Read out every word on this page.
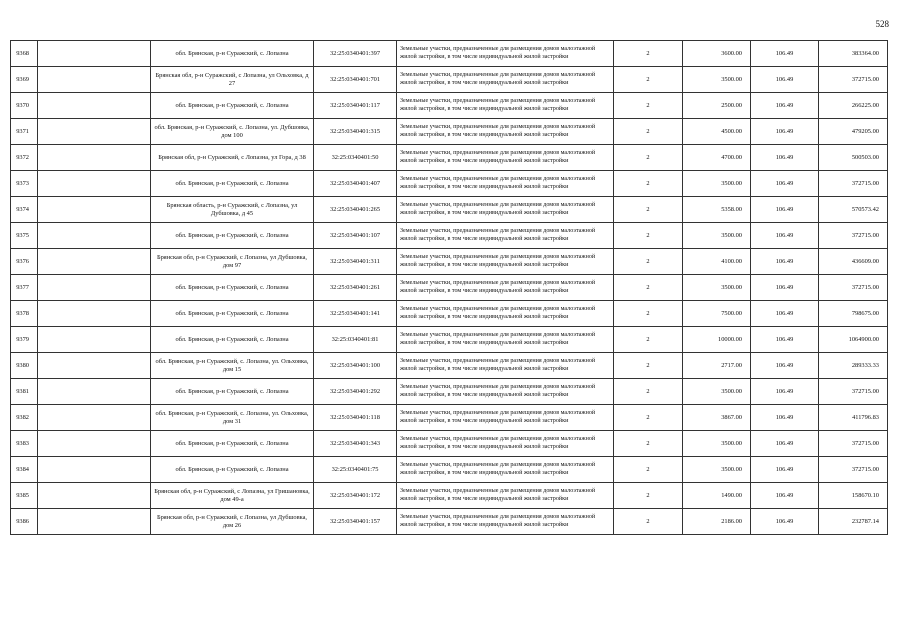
528
9368		обл. Брянская, р-н Суражский, с. Лопазна	32:25:0340401:397	Земельные участки, предназначенные для размещения домов малоэтажной жилой застройки, в том числе индивидуальной жилой застройки	2	3600.00	106.49	383364.00
9369		Брянская обл, р-н Суражский, с Лопазна, ул Ольховка, д 27	32:25:0340401:701	Земельные участки, предназначенные для размещения домов малоэтажной жилой застройки, в том числе индивидуальной жилой застройки	2	3500.00	106.49	372715.00
9370		обл. Брянская, р-н Суражский, с. Лопазна	32:25:0340401:117	Земельные участки, предназначенные для размещения домов малоэтажной жилой застройки, в том числе индивидуальной жилой застройки	2	2500.00	106.49	266225.00
9371		обл. Брянская, р-н Суражский, с. Лопазна, ул. Дубшовка, дом 100	32:25:0340401:315	Земельные участки, предназначенные для размещения домов малоэтажной жилой застройки, в том числе индивидуальной жилой застройки	2	4500.00	106.49	479205.00
9372		Брянская обл, р-н Суражский, с Лопазна, ул Гора, д 38	32:25:0340401:50	Земельные участки, предназначенные для размещения домов малоэтажной жилой застройки, в том числе индивидуальной жилой застройки	2	4700.00	106.49	500503.00
9373		обл. Брянская, р-н Суражский, с. Лопазна	32:25:0340401:407	Земельные участки, предназначенные для размещения домов малоэтажной жилой застройки, в том числе индивидуальной жилой застройки	2	3500.00	106.49	372715.00
9374		Брянская область, р-н Суражский, с Лопазна, ул Дубшовка, д 45	32:25:0340401:265	Земельные участки, предназначенные для размещения домов малоэтажной жилой застройки, в том числе индивидуальной жилой застройки	2	5358.00	106.49	570573.42
9375		обл. Брянская, р-н Суражский, с. Лопазна	32:25:0340401:107	Земельные участки, предназначенные для размещения домов малоэтажной жилой застройки, в том числе индивидуальной жилой застройки	2	3500.00	106.49	372715.00
9376		Брянская обл, р-н Суражский, с Лопазна, ул Дубшовка, дом 97	32:25:0340401:311	Земельные участки, предназначенные для размещения домов малоэтажной жилой застройки, в том числе индивидуальной жилой застройки	2	4100.00	106.49	436609.00
9377		обл. Брянская, р-н Суражский, с. Лопазна	32:25:0340401:261	Земельные участки, предназначенные для размещения домов малоэтажной жилой застройки, в том числе индивидуальной жилой застройки	2	3500.00	106.49	372715.00
9378		обл. Брянская, р-н Суражский, с. Лопазна	32:25:0340401:141	Земельные участки, предназначенные для размещения домов малоэтажной жилой застройки, в том числе индивидуальной жилой застройки	2	7500.00	106.49	798675.00
9379		обл. Брянская, р-н Суражский, с. Лопазна	32:25:0340401:81	Земельные участки, предназначенные для размещения домов малоэтажной жилой застройки, в том числе индивидуальной жилой застройки	2	10000.00	106.49	1064900.00
9380		обл. Брянская, р-н Суражский, с. Лопазна, ул. Ольховка, дом 15	32:25:0340401:100	Земельные участки, предназначенные для размещения домов малоэтажной жилой застройки, в том числе индивидуальной жилой застройки	2	2717.00	106.49	289333.33
9381		обл. Брянская, р-н Суражский, с. Лопазна	32:25:0340401:292	Земельные участки, предназначенные для размещения домов малоэтажной жилой застройки, в том числе индивидуальной жилой застройки	2	3500.00	106.49	372715.00
9382		обл. Брянская, р-н Суражский, с. Лопазна, ул. Ольховка, дом 31	32:25:0340401:118	Земельные участки, предназначенные для размещения домов малоэтажной жилой застройки, в том числе индивидуальной жилой застройки	2	3867.00	106.49	411796.83
9383		обл. Брянская, р-н Суражский, с. Лопазна	32:25:0340401:343	Земельные участки, предназначенные для размещения домов малоэтажной жилой застройки, в том числе индивидуальной жилой застройки	2	3500.00	106.49	372715.00
9384		обл. Брянская, р-н Суражский, с. Лопазна	32:25:0340401:75	Земельные участки, предназначенные для размещения домов малоэтажной жилой застройки, в том числе индивидуальной жилой застройки	2	3500.00	106.49	372715.00
9385		Брянская обл, р-н Суражский, с Лопазна, ул Гришановка, дом 49-а	32:25:0340401:172	Земельные участки, предназначенные для размещения домов малоэтажной жилой застройки, в том числе индивидуальной жилой застройки	2	1490.00	106.49	158670.10
9386		Брянская обл, р-н Суражский, с Лопазна, ул Дубшовка, дом 26	32:25:0340401:157	Земельные участки, предназначенные для размещения домов малоэтажной жилой застройки, в том числе индивидуальной жилой застройки	2	2186.00	106.49	232787.14
